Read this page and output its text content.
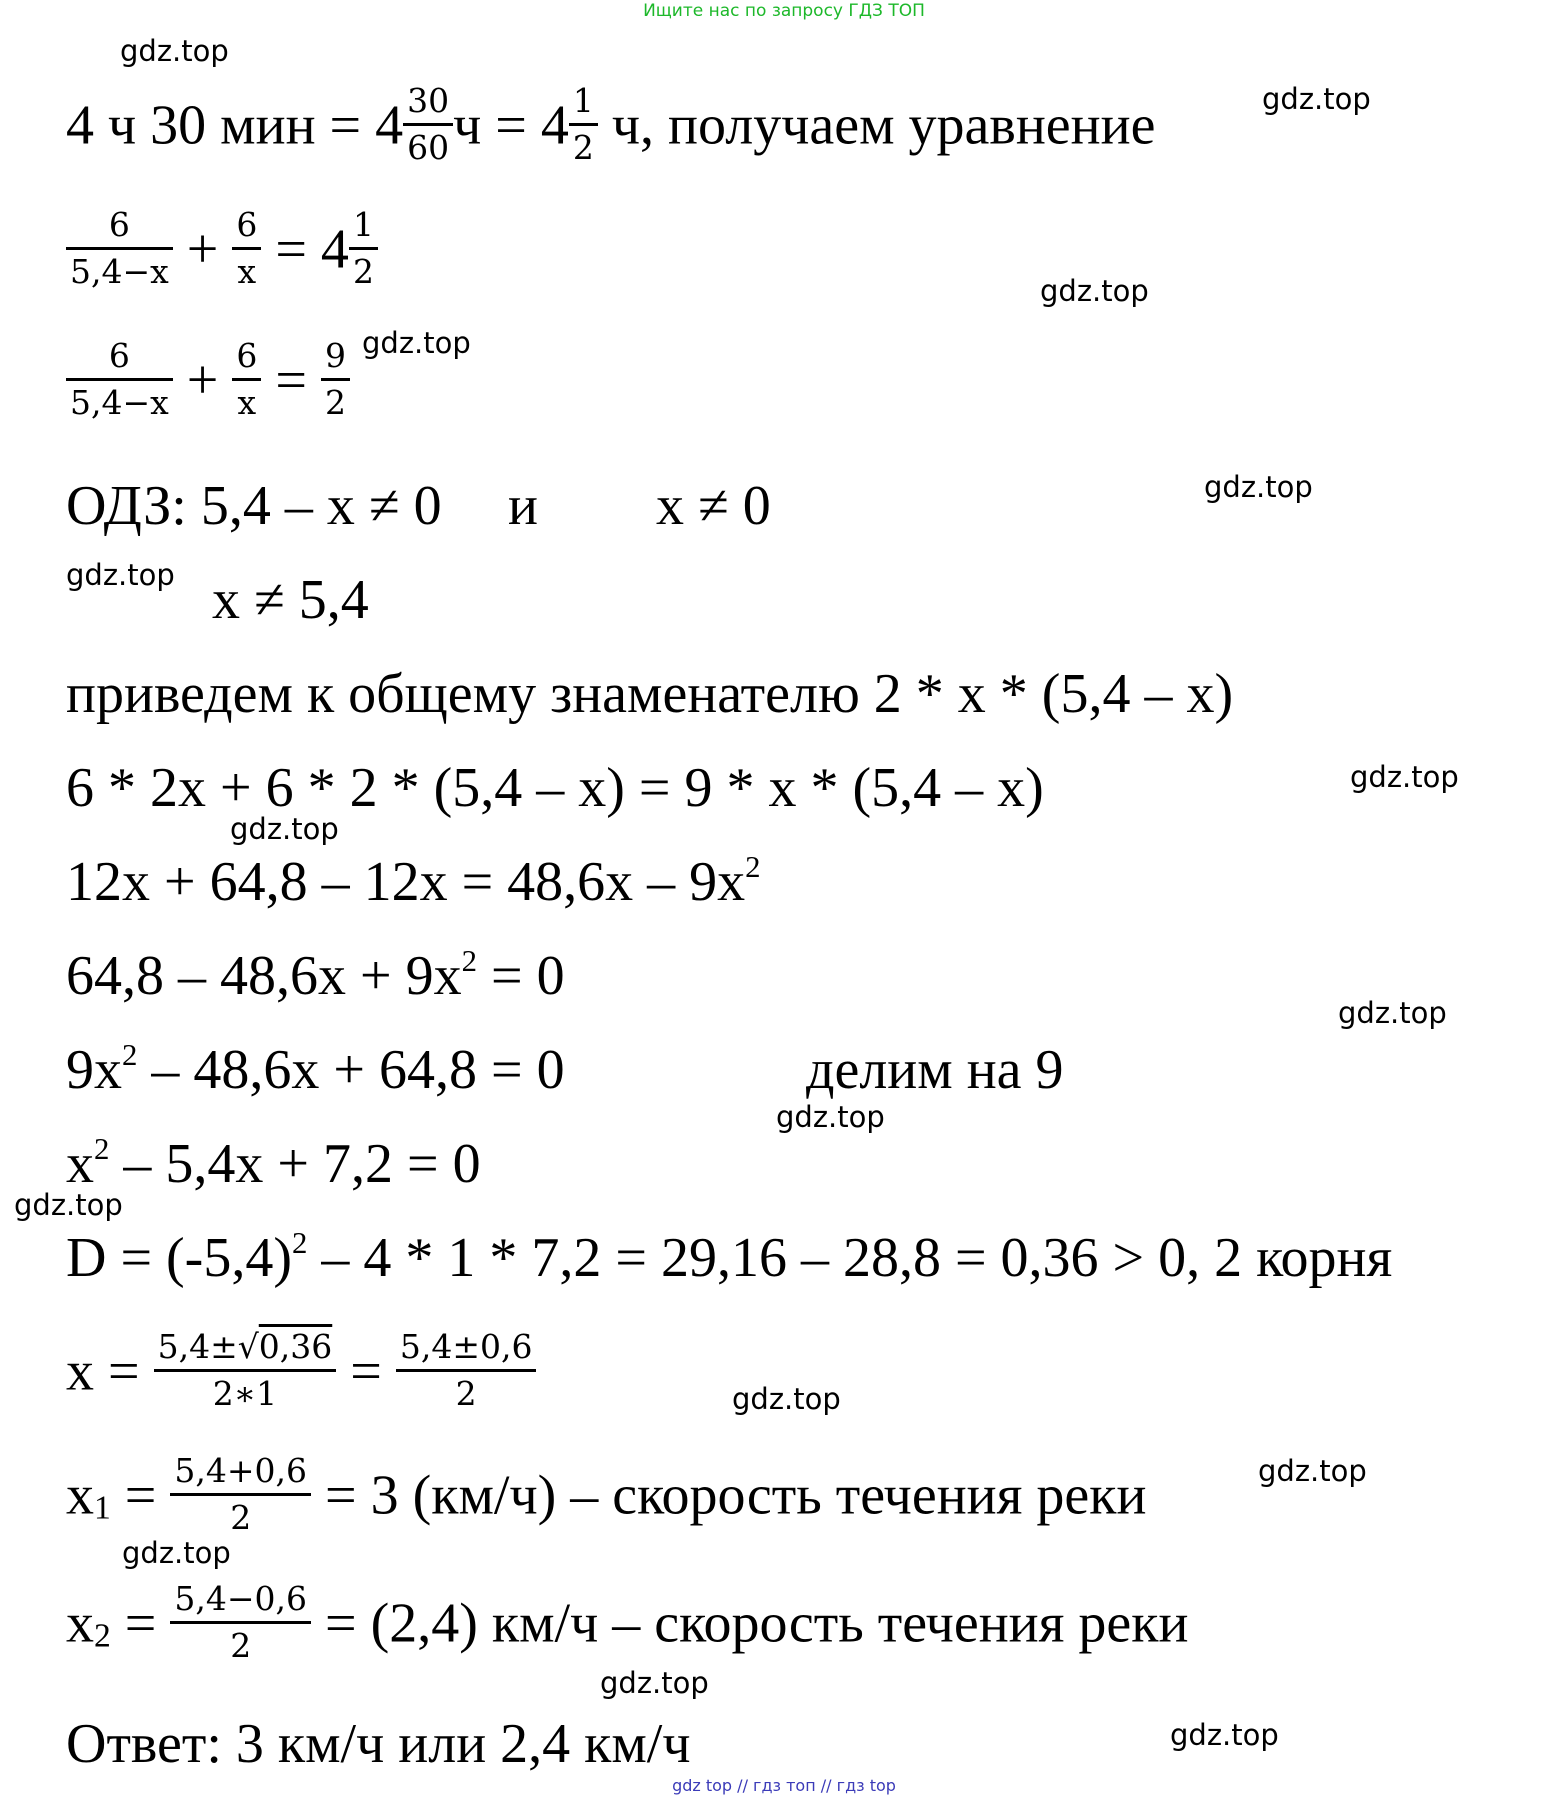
Ищите нас по запросу ГДЗ ТОП
4 ч 30 мин = $4 \frac{30}{60}$ $ч = 4 \frac{1}{2} ч$, получаем уравнение
$\frac{6}{5,4-x} + \frac{6}{x} = 4 \frac{1}{2}$
$\frac{6}{5,4-x} + \frac{6}{x} = \frac{9}{2}$
ОДЗ: 5,4 – x ≠ 0 и x ≠ 0
x ≠ 5,4
приведем к общему знаменателю 2 * x * (5,4 – x)
6 * 2x + 6 * 2 * (5,4 – x) = 9 * x * (5,4 – x)
$12x + 64,8 - 12x = 48,6x - 9x^2$
$64,8 - 48,6x + 9x^2 = 0$
$9x^2 - 48,6x + 64,8 = 0$	делим на 9
$x^2 - 5,4x + 7,2 = 0$
$D = (-5,4)^2 - 4 * 1 * 7,2 = 29,16 - 28,8 = 0,36 > 0$, 2 корня
$x = \frac{5,4\pm√0,36}{2∗1} = \frac{5,4\pm 0,6}{2}$
$x_1 = \frac{5,4+0,6}{2} = 3$ (км/ч) – скорость течения реки
$x_2 = \frac{5,4-0,6}{2} = (2,4)$ км/ч – скорость течения реки
Ответ: 3 км/ч или 2,4 км/ч
gdz.top
gdz.top
gdz.top
gdz.top
gdz.top
gdz.top
gdz.top
gdz.top
gdz.top
gdz.top
gdz.top
gdz.top
gdz.top
gdz.top
gdz.top
gdz.top
gdz top // гдз топ // гдз top
